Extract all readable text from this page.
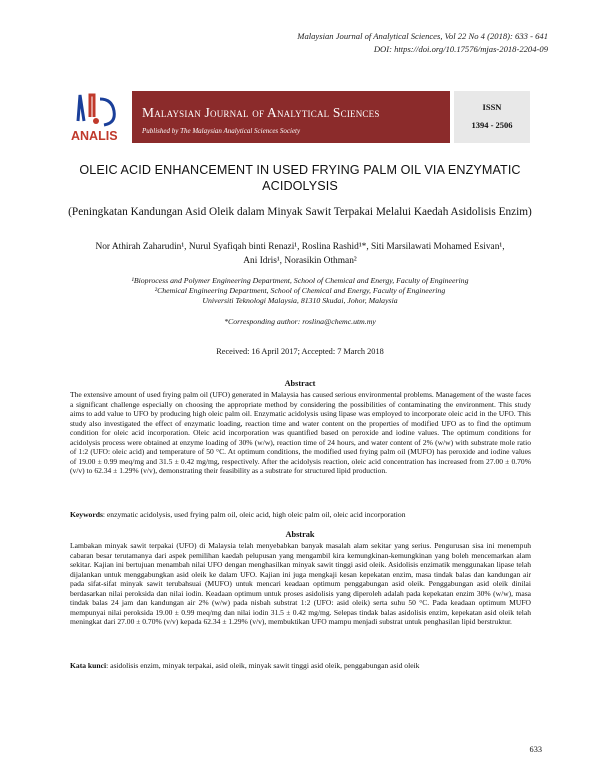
Malaysian Journal of Analytical Sciences, Vol 22 No 4 (2018): 633 - 641
DOI: https://doi.org/10.17576/mjas-2018-2204-09
ANALIS
Malaysian Journal of Analytical Sciences
Published by The Malaysian Analytical Sciences Society
ISSN
1394 - 2506
OLEIC ACID ENHANCEMENT IN USED FRYING PALM OIL VIA ENZYMATIC ACIDOLYSIS
(Peningkatan Kandungan Asid Oleik dalam Minyak Sawit Terpakai Melalui Kaedah Asidolisis Enzim)
Nor Athirah Zaharudin¹, Nurul Syafiqah binti Renazi¹, Roslina Rashid¹*, Siti Marsilawati Mohamed Esivan¹,
Ani Idris¹, Norasikin Othman²
¹Bioprocess and Polymer Engineering Department, School of Chemical and Energy, Faculty of Engineering
²Chemical Engineering Department, School of Chemical and Energy, Faculty of Engineering
Universiti Teknologi Malaysia, 81310 Skudai, Johor, Malaysia
*Corresponding author: roslina@chemc.utm.my
Received: 16 April 2017; Accepted: 7 March 2018
Abstract
The extensive amount of used frying palm oil (UFO) generated in Malaysia has caused serious environmental problems. Management of the waste faces a significant challenge especially on choosing the appropriate method by considering the possibilities of contaminating the environment. This study aims to add value to UFO by producing high oleic palm oil. Enzymatic acidolysis using lipase was employed to incorporate oleic acid in the UFO. This study also investigated the effect of enzymatic loading, reaction time and water content on the properties of modified UFO as to find the optimum condition for oleic acid incorporation. Oleic acid incorporation was quantified based on peroxide and iodine values. The optimum conditions for acidolysis process were obtained at enzyme loading of 30% (w/w), reaction time of 24 hours, and water content of 2% (w/w) with substrate mole ratio of 1:2 (UFO: oleic acid) and temperature of 50 °C. At optimum conditions, the modified used frying palm oil (MUFO) has peroxide and iodine values of 19.00 ± 0.99 meq/mg and 31.5 ± 0.42 mg/mg, respectively. After the acidolysis reaction, oleic acid concentration has increased from 27.00 ± 0.70% (v/v) to 62.34 ± 1.29% (v/v), demonstrating their feasibility as a substrate for structured lipid production.
Keywords: enzymatic acidolysis, used frying palm oil, oleic acid, high oleic palm oil, oleic acid incorporation
Abstrak
Lambakan minyak sawit terpakai (UFO) di Malaysia telah menyebabkan banyak masalah alam sekitar yang serius. Pengurusan sisa ini menempuh cabaran besar terutamanya dari aspek pemilihan kaedah pelupusan yang mengambil kira kemungkinan-kemungkinan yang boleh mencemarkan alam sekitar. Kajian ini bertujuan menambah nilai UFO dengan menghasilkan minyak sawit tinggi asid oleik. Asidolisis enzimatik menggunakan lipase telah dijalankan untuk menggabungkan asid oleik ke dalam UFO. Kajian ini juga mengkaji kesan kepekatan enzim, masa tindak balas dan kandungan air pada sifat-sifat minyak sawit terubahsuai (MUFO) untuk mencari keadaan optimum penggabungan asid oleik. Penggabungan asid oleik dinilai berdasarkan nilai peroksida dan nilai iodin. Keadaan optimum untuk proses asidolisis yang diperoleh adalah pada kepekatan enzim 30% (w/w), masa tindak balas 24 jam dan kandungan air 2% (w/w) pada nisbah substrat 1:2 (UFO: asid oleik) serta suhu 50 °C. Pada keadaan optimum MUFO mempunyai nilai peroksida 19.00 ± 0.99 meq/mg dan nilai iodin 31.5 ± 0.42 mg/mg. Selepas tindak balas asidolisis enzim, kepekatan asid oleik telah meningkat dari 27.00 ± 0.70% (v/v) kepada 62.34 ± 1.29% (v/v), membuktikan UFO mampu menjadi substrat untuk penghasilan lipid berstruktur.
Kata kunci: asidolisis enzim, minyak terpakai, asid oleik, minyak sawit tinggi asid oleik, penggabungan asid oleik
633
